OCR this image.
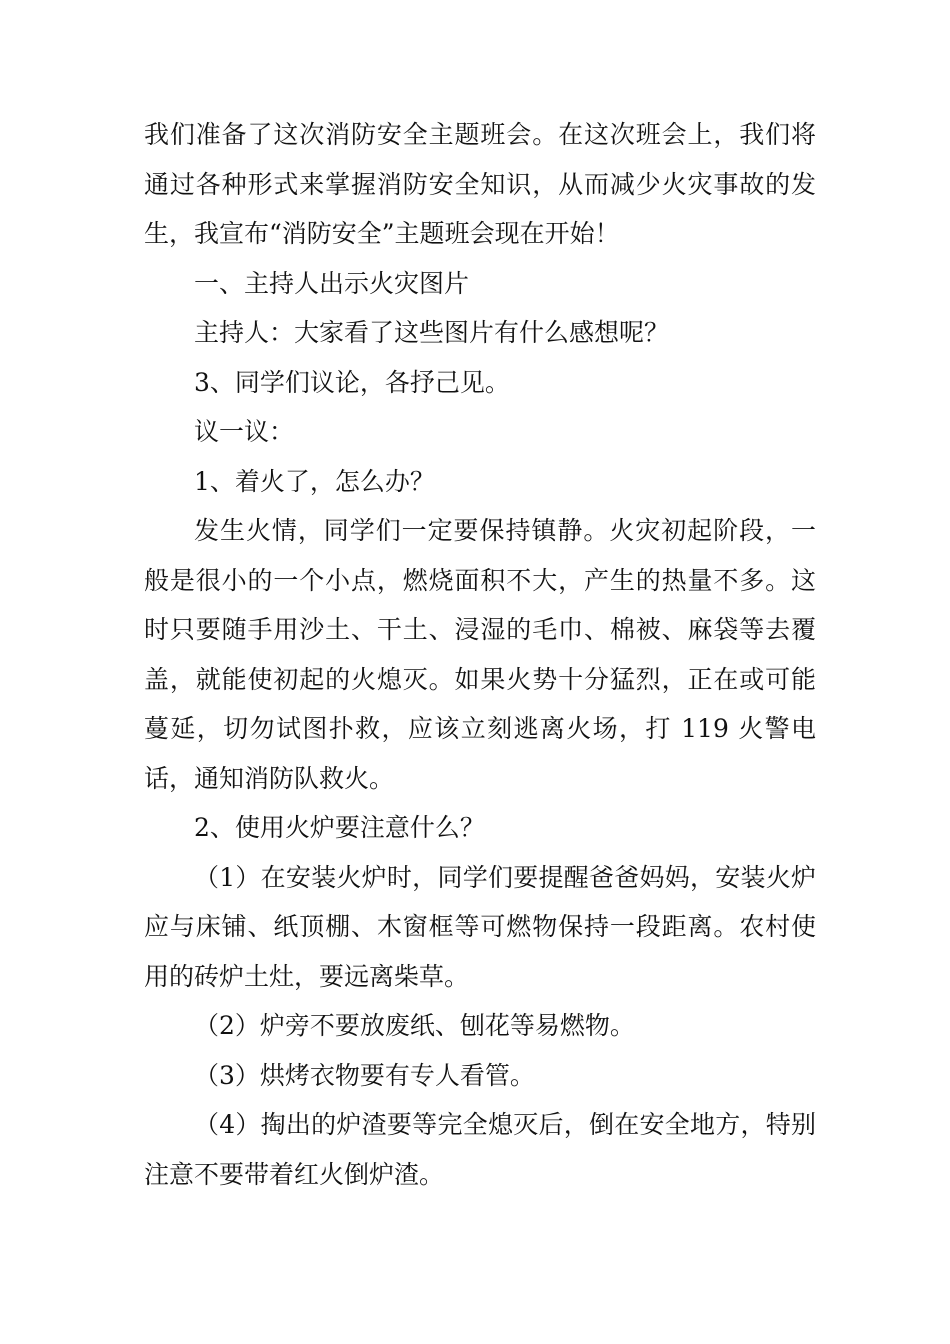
我们准备了这次消防安全主题班会。在这次班会上，我们将通过各种形式来掌握消防安全知识，从而减少火灾事故的发生，我宣布“消防安全”主题班会现在开始！

一、主持人出示火灾图片

主持人：大家看了这些图片有什么感想呢？

3、同学们议论，各抒己见。

议一议：

1、着火了，怎么办？

发生火情，同学们一定要保持镇静。火灾初起阶段，一般是很小的一个小点，燃烧面积不大，产生的热量不多。这时只要随手用沙土、干土、浸湿的毛巾、棉被、麻袋等去覆盖，就能使初起的火熄灭。如果火势十分猛烈，正在或可能蔓延，切勿试图扑救，应该立刻逃离火场，打 119 火警电话，通知消防队救火。

2、使用火炉要注意什么？

（1）在安装火炉时，同学们要提醒爸爸妈妈，安装火炉应与床铺、纸顶棚、木窗框等可燃物保持一段距离。农村使用的砖炉土灶，要远离柴草。

（2）炉旁不要放废纸、刨花等易燃物。

（3）烘烤衣物要有专人看管。

（4）掏出的炉渣要等完全熄灭后，倒在安全地方，特别注意不要带着红火倒炉渣。
